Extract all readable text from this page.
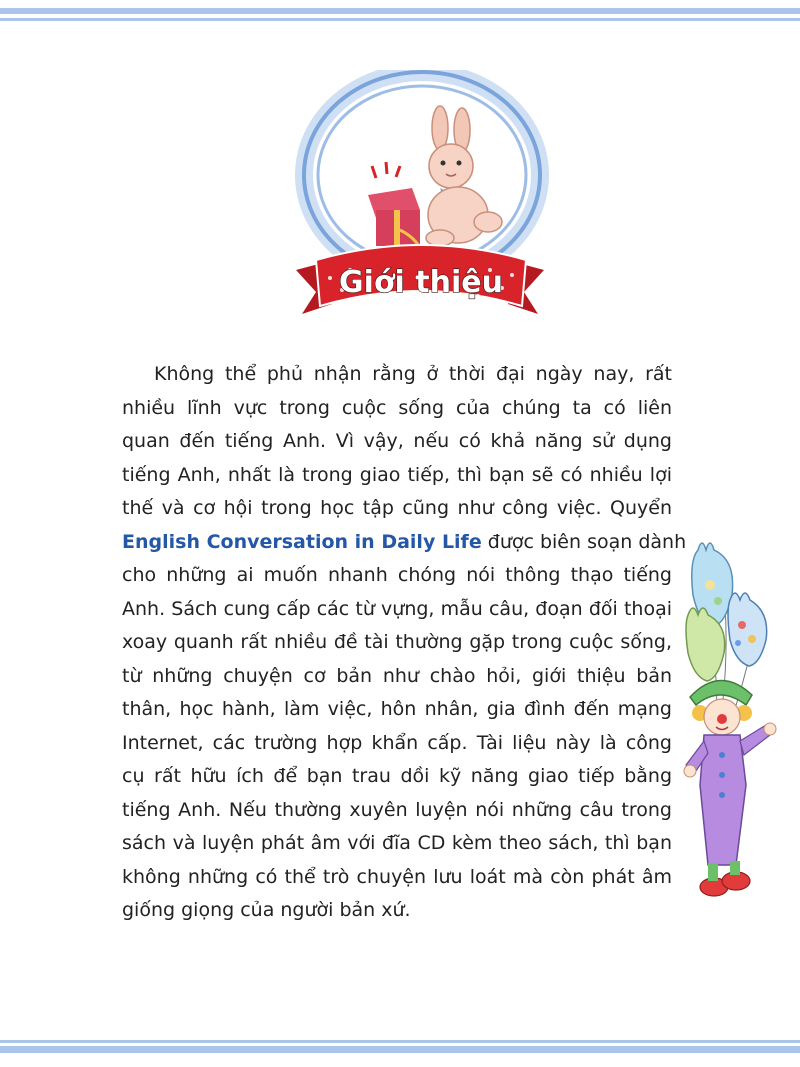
Giới thiệu
Không thể phủ nhận rằng ở thời đại ngày nay, rất
nhiều lĩnh vực trong cuộc sống của chúng ta có liên
quan đến tiếng Anh. Vì vậy, nếu có khả năng sử dụng
tiếng Anh, nhất là trong giao tiếp, thì bạn sẽ có nhiều lợi
thế và cơ hội trong học tập cũng như công việc. Quyển
English Conversation in Daily Life được biên soạn dành
cho những ai muốn nhanh chóng nói thông thạo tiếng
Anh. Sách cung cấp các từ vựng, mẫu câu, đoạn đối thoại
xoay quanh rất nhiều đề tài thường gặp trong cuộc sống,
từ những chuyện cơ bản như chào hỏi, giới thiệu bản
thân, học hành, làm việc, hôn nhân, gia đình đến mạng
Internet, các trường hợp khẩn cấp. Tài liệu này là công
cụ rất hữu ích để bạn trau dồi kỹ năng giao tiếp bằng
tiếng Anh. Nếu thường xuyên luyện nói những câu trong
sách và luyện phát âm với đĩa CD kèm theo sách, thì bạn
không những có thể trò chuyện lưu loát mà còn phát âm
giống giọng của người bản xứ.
